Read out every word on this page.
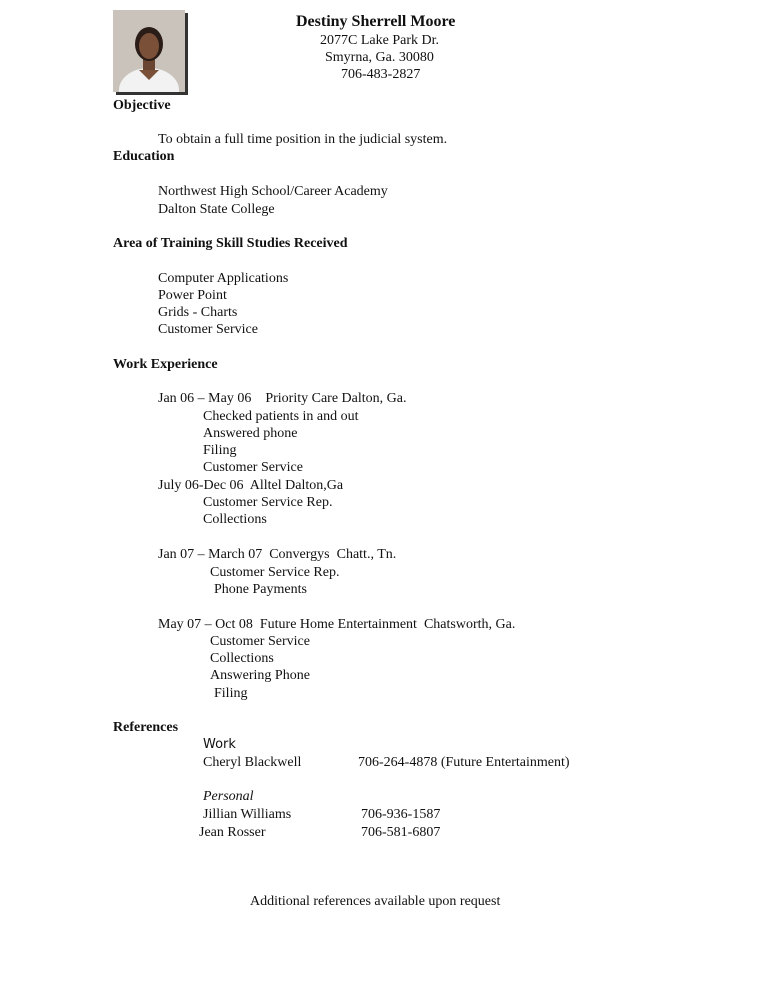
Destiny Sherrell Moore
2077C Lake Park Dr.
Smyrna, Ga. 30080
706-483-2827
Objective
To obtain a full time position in the judicial system.
Education
Northwest High School/Career Academy
Dalton State College
Area of Training Skill Studies Received
Computer Applications
Power Point
Grids - Charts
Customer Service
Work Experience
Jan 06 – May 06    Priority Care Dalton, Ga.
Checked patients in and out
Answered phone
Filing
Customer Service
July 06-Dec 06  Alltel Dalton,Ga
Customer Service Rep.
Collections
Jan 07 – March 07  Convergys  Chatt., Tn.
Customer Service Rep.
Phone Payments
May 07 – Oct 08  Future Home Entertainment  Chatsworth, Ga.
Customer Service
Collections
Answering Phone
Filing
References
Work
Cheryl Blackwell	706-264-4878 (Future Entertainment)
Personal
Jillian Williams	706-936-1587
Jean Rosser	706-581-6807
Additional references available upon request
